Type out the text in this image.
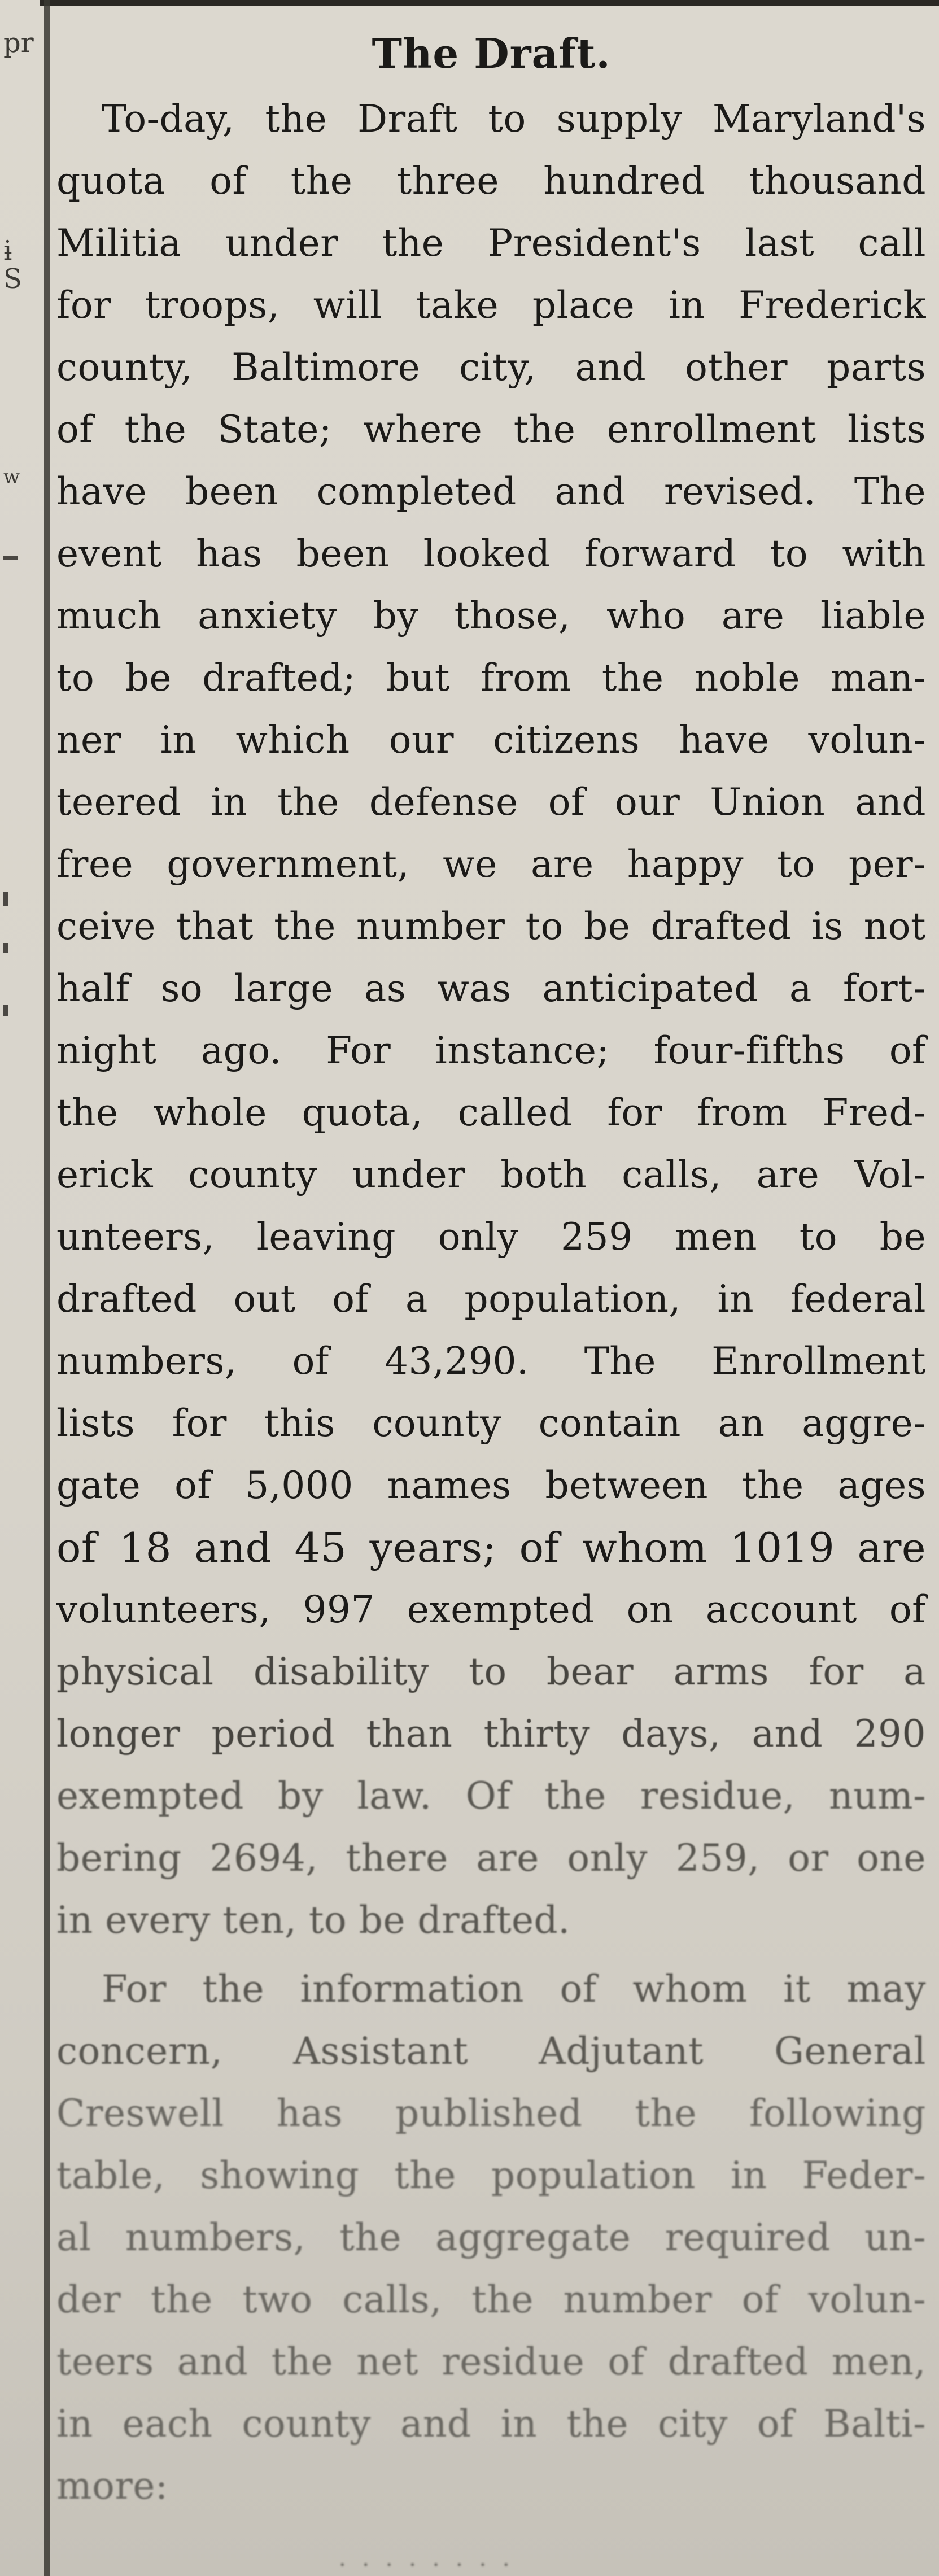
pr
ɨ
S
w
The Draft.
To-day, the Draft to supply Maryland's
quota of the three hundred thousand
Militia under the President's last call
for troops, will take place in Frederick
county, Baltimore city, and other parts
of the State; where the enrollment lists
have been completed and revised. The
event has been looked forward to with
much anxiety by those, who are liable
to be drafted; but from the noble man-
ner in which our citizens have volun-
teered in the defense of our Union and
free government, we are happy to per-
ceive that the number to be drafted is not
half so large as was anticipated a fort-
night ago. For instance; four-fifths of
the whole quota, called for from Fred-
erick county under both calls, are Vol-
unteers, leaving only 259 men to be
drafted out of a population, in federal
numbers, of 43,290. The Enrollment
lists for this county contain an aggre-
gate of 5,000 names between the ages
of 18 and 45 years; of whom 1019 are
volunteers, 997 exempted on account of
physical disability to bear arms for a
longer period than thirty days, and 290
exempted by law. Of the residue, num-
bering 2694, there are only 259, or one
in every ten, to be drafted.
For the information of whom it may
concern, Assistant Adjutant General
Creswell has published the following
table, showing the population in Feder-
al numbers, the aggregate required un-
der the two calls, the number of volun-
teers and the net residue of drafted men,
in each county and in the city of Balti-
more:
· · · · · · · ·
